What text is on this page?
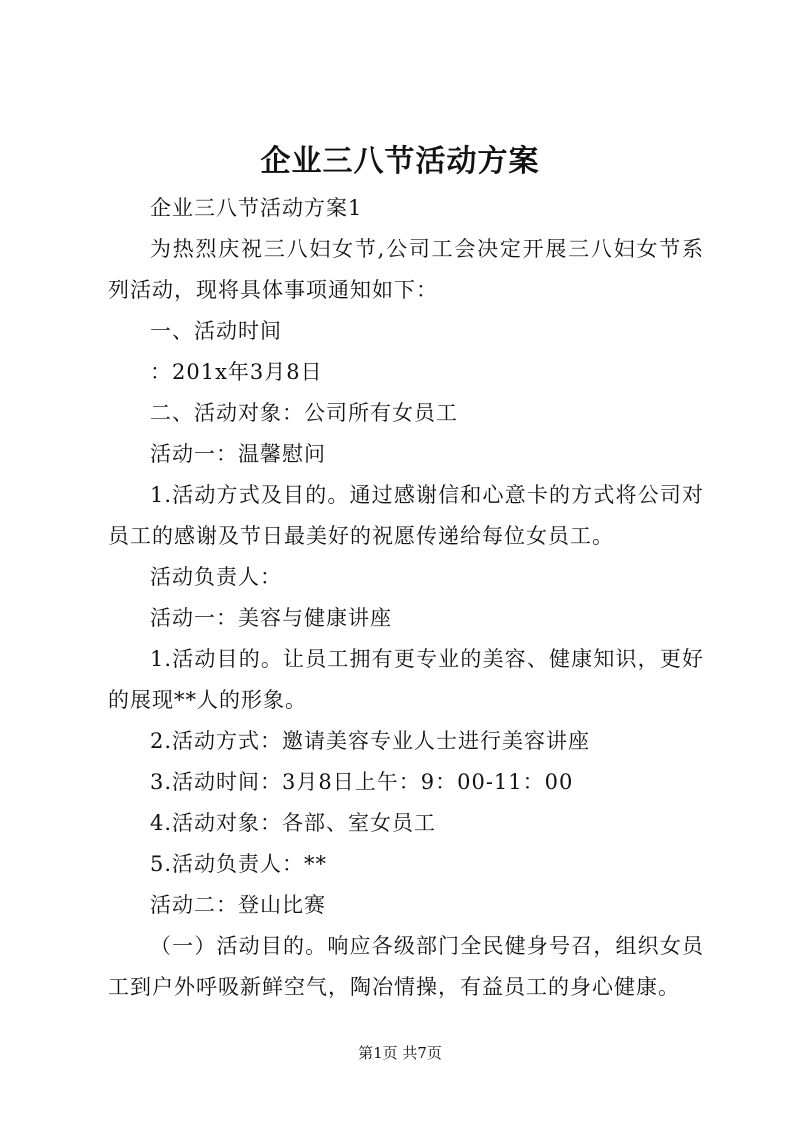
企业三八节活动方案

企业三八节活动方案1

为热烈庆祝三八妇女节,公司工会决定开展三八妇女节系列活动，现将具体事项通知如下：

一、活动时间

：201x年3月8日

二、活动对象：公司所有女员工

活动一：温馨慰问

1.活动方式及目的。通过感谢信和心意卡的方式将公司对员工的感谢及节日最美好的祝愿传递给每位女员工。

活动负责人：

活动一：美容与健康讲座

1.活动目的。让员工拥有更专业的美容、健康知识，更好的展现**人的形象。

2.活动方式：邀请美容专业人士进行美容讲座

3.活动时间：3月8日上午：9：00-11：00

4.活动对象：各部、室女员工

5.活动负责人：**

活动二：登山比赛

（一）活动目的。响应各级部门全民健身号召，组织女员工到户外呼吸新鲜空气，陶冶情操，有益员工的身心健康。

第1页 共7页
